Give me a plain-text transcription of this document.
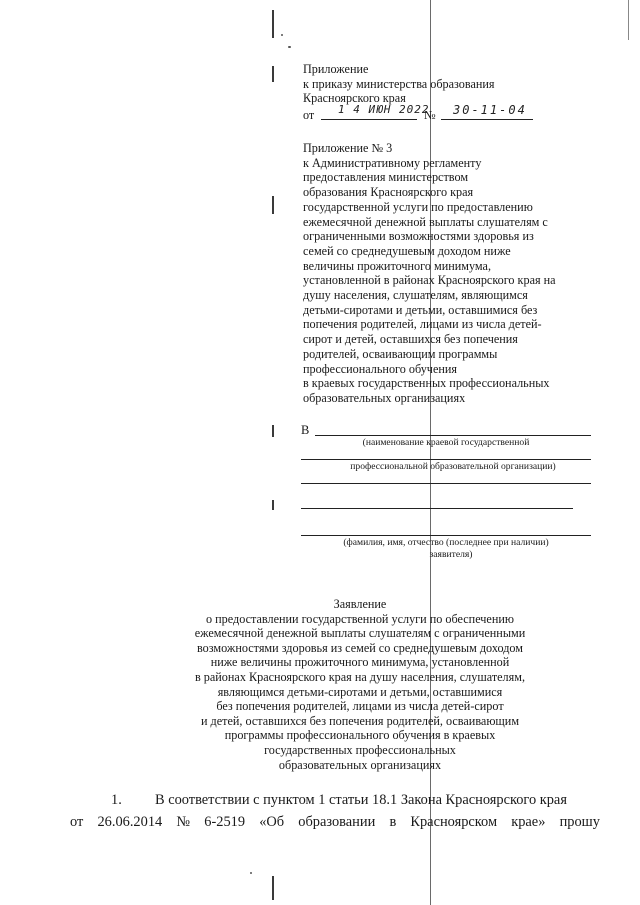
Приложение
к приказу министерства образования
Красноярского края
от 1 4 ИЮН 2022
№ 30-11-04
Приложение № 3
к Административному регламенту
предоставления министерством
образования Красноярского края
государственной услуги по предоставлению
ежемесячной денежной выплаты слушателям с
ограниченными возможностями здоровья из
семей со среднедушевым доходом ниже
величины прожиточного минимума,
установленной в районах Красноярского края на
душу населения, слушателям, являющимся
детьми-сиротами и детьми, оставшимися без
попечения родителей, лицами из числа детей-
сирот и детей, оставшихся без попечения
родителей, осваивающим программы
профессионального обучения
в краевых государственных профессиональных
образовательных организациях
В
(наименование краевой государственной
профессиональной образовательной организации)
(фамилия, имя, отчество (последнее при наличии)
заявителя)
Заявление
о предоставлении государственной услуги по обеспечению
ежемесячной денежной выплаты слушателям с ограниченными
возможностями здоровья из семей со среднедушевым доходом
ниже величины прожиточного минимума, установленной
в районах Красноярского края на душу населения, слушателям,
являющимся детьми-сиротами и детьми, оставшимися
без попечения родителей, лицами из числа детей-сирот
и детей, оставшихся без попечения родителей, осваивающим
программы профессионального обучения в краевых
государственных профессиональных
образовательных организациях
1. В соответствии с пунктом 1 статьи 18.1 Закона Красноярского края
от 26.06.2014 № 6-2519 «Об образовании в Красноярском крае» прошу
